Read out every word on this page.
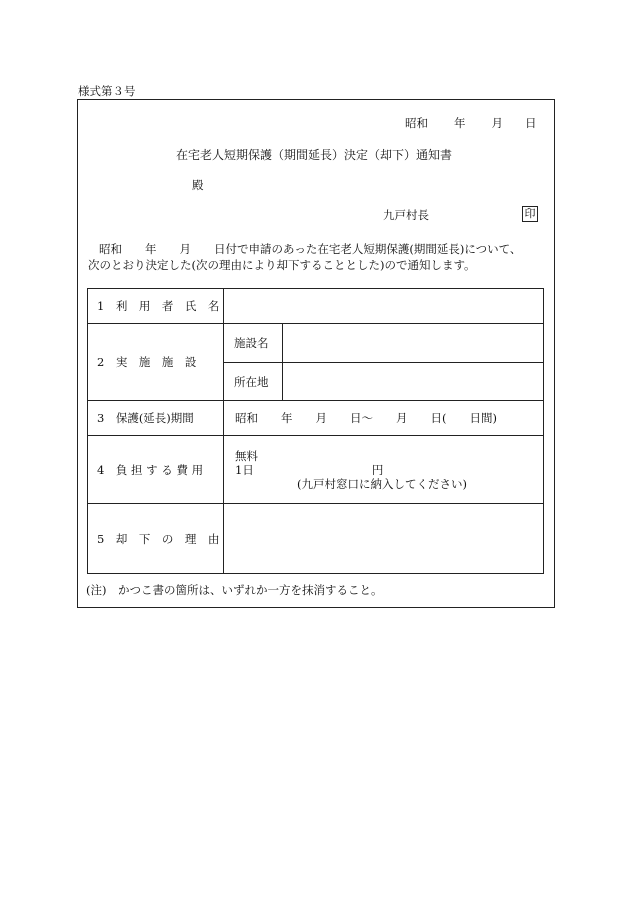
様式第３号
昭和 年 月 日
在宅老人短期保護（期間延長）決定（却下）通知書
殿
九戸村長	印

昭和　　年　　月　　日付で申請のあった在宅老人短期保護(期間延長)について、

次のとおり決定した(次の理由により却下することとした)ので通知します。

1　利　用　者　氏　名		
2　実　施　施　設	施設名	
	所在地	
3　保護(延長)期間	昭和　　年　　月　　日～　　月　　日(　　日間)	
4　負 担 す る 費 用	無料
1日 円
(九戸村窓口に納入してください)	

5　却　下　の　理　由		
(注)　かつこ書の箇所は、いずれか一方を抹消すること。
